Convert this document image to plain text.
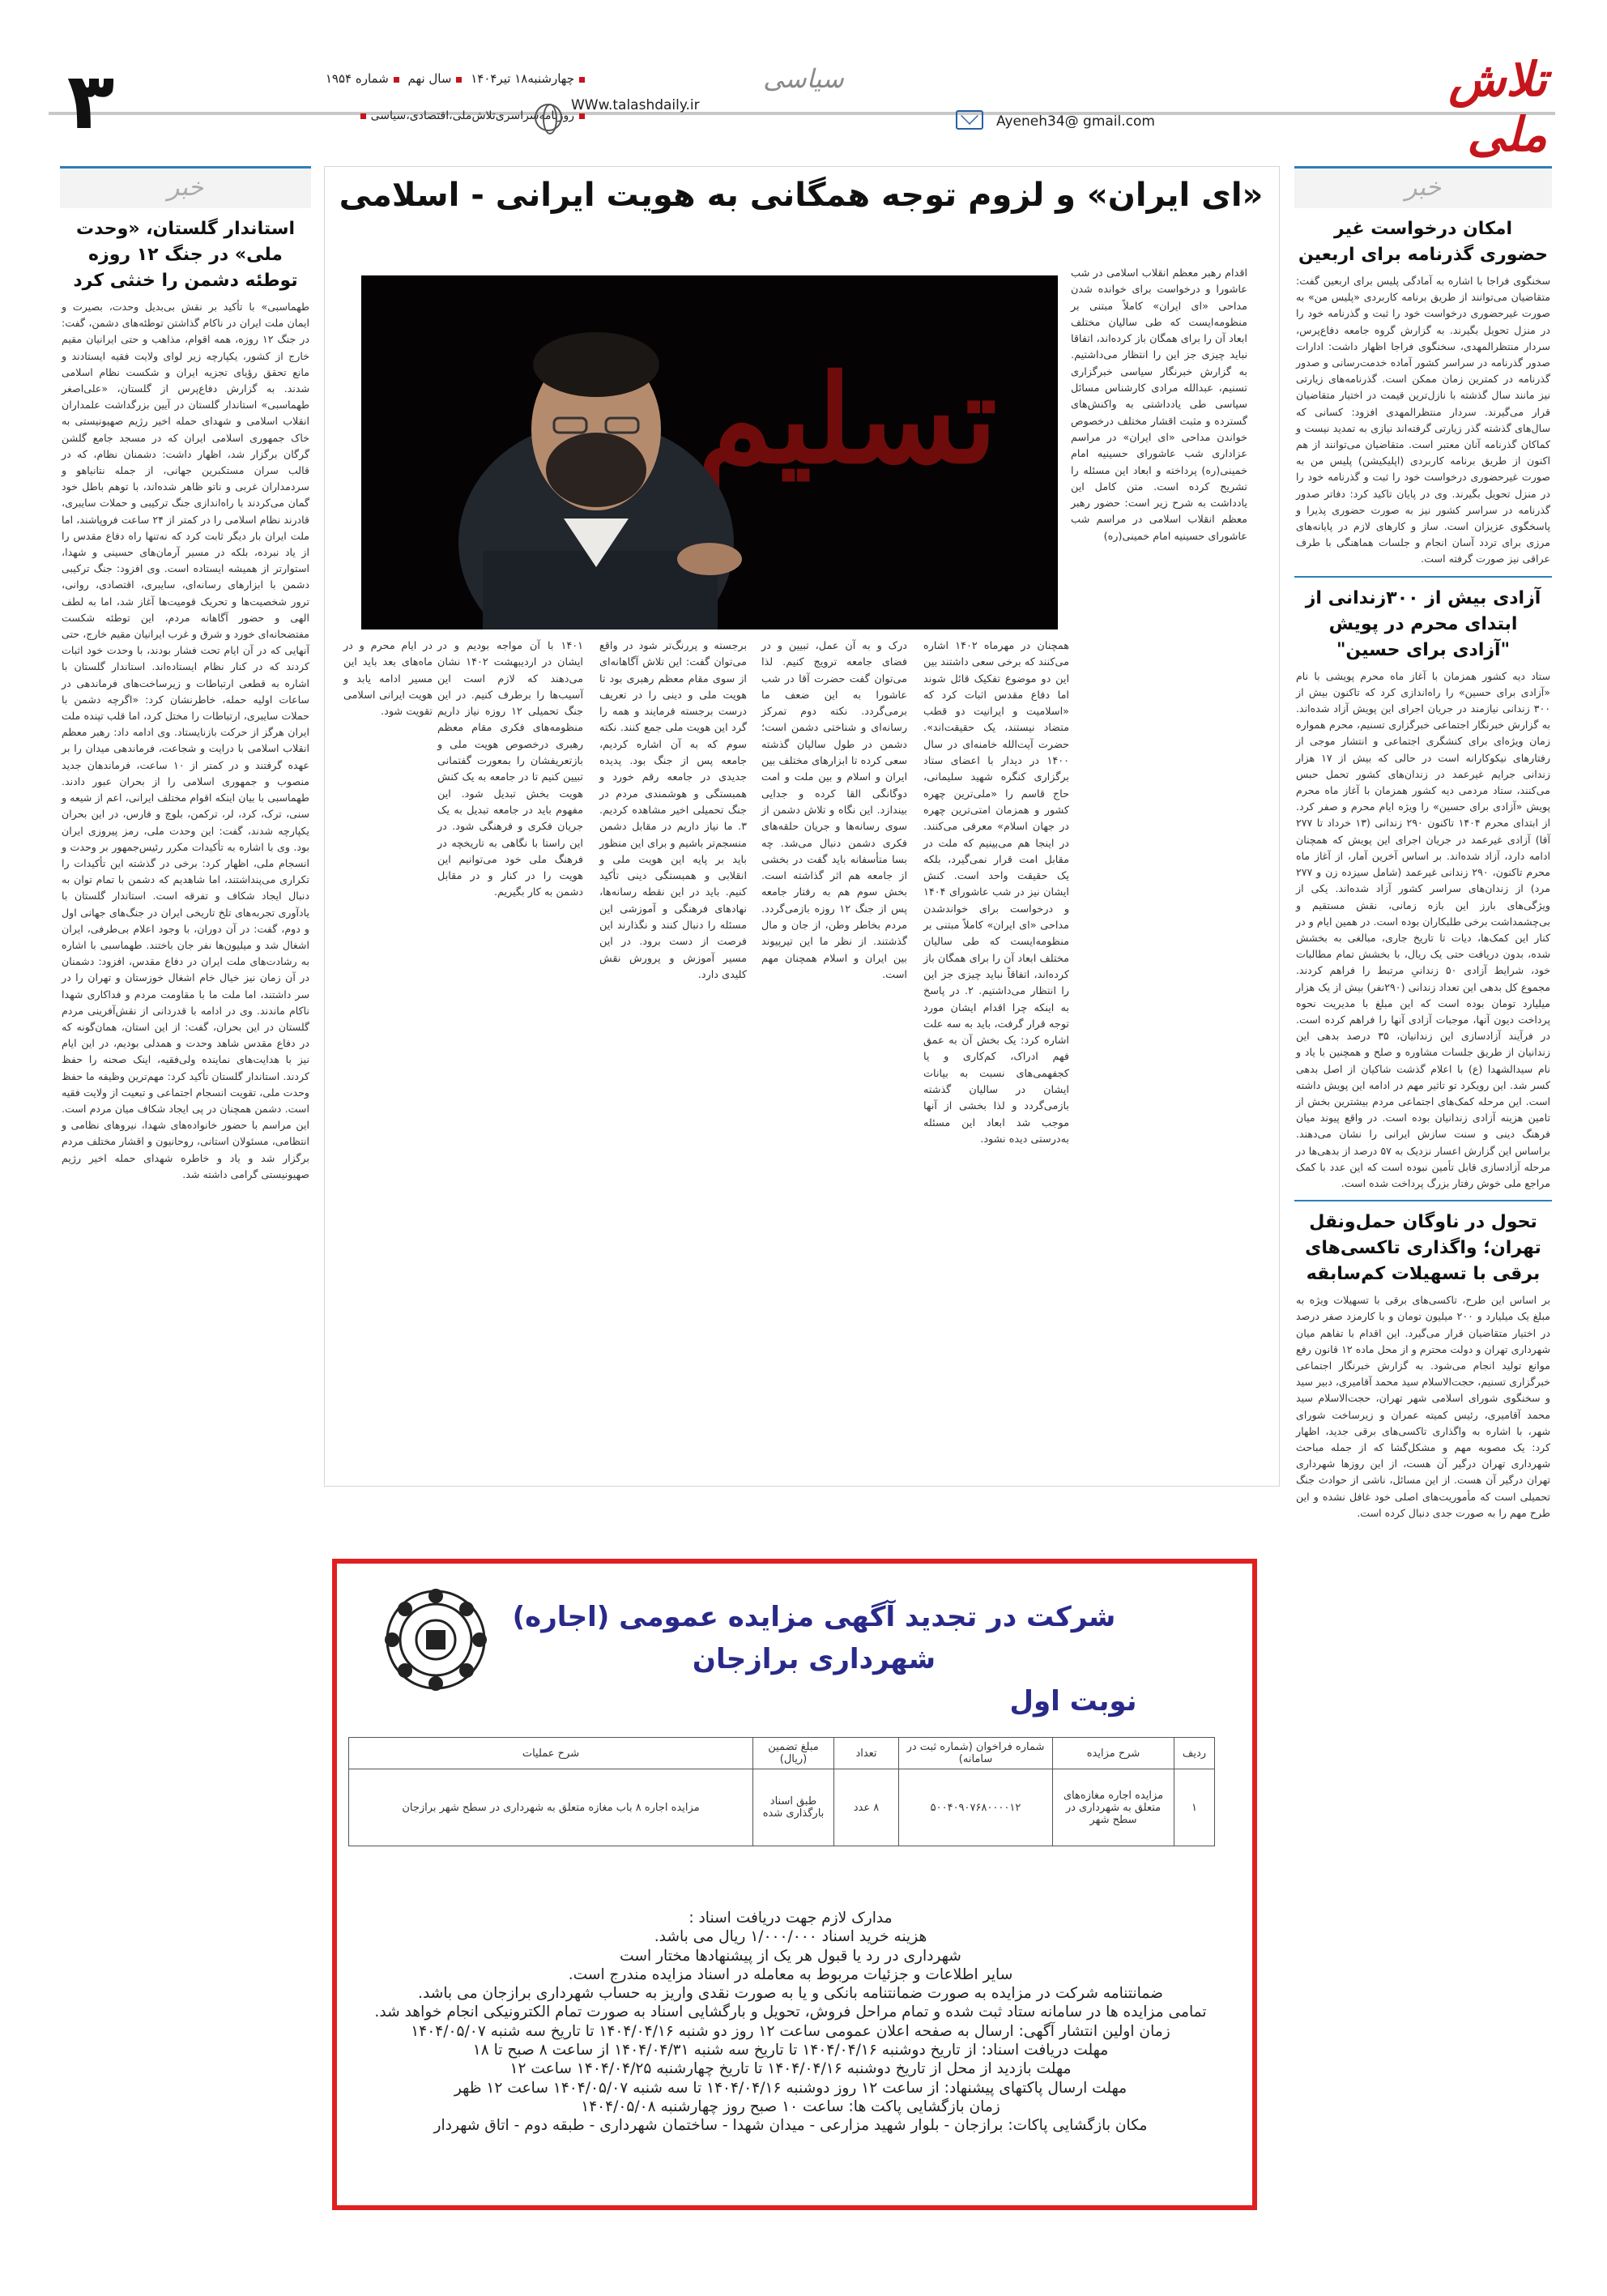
تلاش ملی
سیاسی
۳	چهارشنبه۱۸ تیر۱۴۰۴ سال نهم شماره ۱۹۵۴
روزنامه‌سراسری‌تلاش‌ملی،اقتصادی،سیاسی
WWw.talashdaily.ir
Ayeneh34@ gmail.com
خبر
استاندار گلستان، «وحدت ملی» در جنگ ۱۲ روزه توطئه دشمن را خنثی کرد
طهماسبی» با تأکید بر نقش بی‌بدیل وحدت، بصیرت و ایمان ملت ایران در ناکام گذاشتن توطئه‌های دشمن، گفت: در جنگ ۱۲ روزه، همه اقوام، مذاهب و حتی ایرانیان مقیم خارج از کشور، یکپارچه زیر لوای ولایت فقیه ایستادند و مانع تحقق رؤیای تجزیه ایران و شکست نظام اسلامی شدند. به گزارش دفاع‌پرس از گلستان، «علی‌اصغر طهماسبی» استاندار گلستان در آیین بزرگداشت علمداران انقلاب اسلامی و شهدای حمله اخیر رژیم صهیونیستی به خاک جمهوری اسلامی ایران که در مسجد جامع گلشن گرگان برگزار شد، اظهار داشت: دشمنان نظام، که در قالب سران مستکبرین جهانی، از جمله نتانیاهو و سردمداران غربی و ناتو ظاهر شده‌اند، با توهم باطل خود گمان می‌کردند با راه‌اندازی جنگ ترکیبی و حملات سایبری، قادرند نظام اسلامی را در کمتر از ۲۴ ساعت فروپاشند، اما ملت ایران بار دیگر ثابت کرد که نه‌تنها راه دفاع مقدس را از یاد نبرده، بلکه در مسیر آرمان‌های حسینی و شهدا، استوارتر از همیشه ایستاده است. وی افزود: جنگ ترکیبی دشمن با ابزارهای رسانه‌ای، سایبری، اقتصادی، روانی، ترور شخصیت‌ها و تحریک قومیت‌ها آغاز شد، اما به لطف الهی و حضور آگاهانه مردم، این توطئه شکست مفتضحانه‌ای خورد و شرق و غرب ایرانیان مقیم خارج، حتی آنهایی که در آن ایام تحت فشار بودند، با وحدت خود اثبات کردند که در کنار نظام ایستاده‌اند. استاندار گلستان با اشاره به قطعی ارتباطات و زیرساخت‌های فرماندهی در ساعات اولیه حمله، خاطرنشان کرد: «اگرچه دشمن با حملات سایبری، ارتباطات را مختل کرد، اما قلب تپنده ملت ایران هرگز از حرکت بازنایستاد. وی ادامه داد: رهبر معظم انقلاب اسلامی با درایت و شجاعت، فرماندهی میدان را بر عهده گرفتند و در کمتر از ۱۰ ساعت، فرماندهان جدید منصوب و جمهوری اسلامی را از بحران عبور دادند. طهماسبی با بیان اینکه اقوام مختلف ایرانی، اعم از شیعه و سنی، ترک، کرد، لر، ترکمن، بلوچ و فارس، در این بحران یکپارچه شدند، گفت: این وحدت ملی، رمز پیروزی ایران بود. وی با اشاره به تأکیدات مکرر رئیس‌جمهور بر وحدت و انسجام ملی، اظهار کرد: برخی در گذشته این تأکیدات را تکراری می‌پنداشتند، اما شاهدیم که دشمن با تمام توان به دنبال ایجاد شکاف و تفرقه است. استاندار گلستان با یادآوری تجربه‌های تلخ تاریخی ایران در جنگ‌های جهانی اول و دوم، گفت: در آن دوران، با وجود اعلام بی‌طرفی، ایران اشغال شد و میلیون‌ها نفر جان باختند. طهماسبی با اشاره به رشادت‌های ملت ایران در دفاع مقدس، افزود: دشمنان در آن زمان نیز خیال خام اشغال خوزستان و تهران را در سر داشتند، اما ملت ما با مقاومت مردم و فداکاری شهدا ناکام ماندند. وی در ادامه با قدردانی از نقش‌آفرینی مردم گلستان در این بحران، گفت: از این استان، همان‌گونه که در دفاع مقدس شاهد وحدت و همدلی بودیم، در این ایام نیز با هدایت‌های نماینده ولی‌فقیه، اینک صحنه را حفظ کردند. استاندار گلستان تأکید کرد: مهم‌ترین وظیفه ما حفظ وحدت ملی، تقویت انسجام اجتماعی و تبعیت از ولایت فقیه است. دشمن همچنان در پی ایجاد شکاف میان مردم است. این مراسم با حضور خانواده‌های شهدا، نیروهای نظامی و انتظامی، مسئولان استانی، روحانیون و اقشار مختلف مردم برگزار شد و یاد و خاطره شهدای حمله اخیر رژیم صهیونیستی گرامی داشته شد.
خبر
امکان درخواست غیر حضوری گذرنامه برای اربعین
سخنگوی فراجا با اشاره به آمادگی پلیس برای اربعین گفت: متقاضیان می‌توانند از طریق برنامه کاربردی «پلیس من» به صورت غیرحضوری درخواست خود را ثبت و گذرنامه خود را در منزل تحویل بگیرند. به گزارش گروه جامعه دفاع‌پرس، سردار منتظرالمهدی، سخنگوی فراجا اظهار داشت: ادارات صدور گذرنامه در سراسر کشور آماده خدمت‌رسانی و صدور گذرنامه در کمترین زمان ممکن است. گذرنامه‌های زیارتی نیز مانند سال گذشته با نازل‌ترین قیمت در اختیار متقاضیان قرار می‌گیرند. سردار منتظرالمهدی افزود: کسانی که سال‌های گذشته گذر زیارتی گرفته‌اند نیازی به تمدید نیست و کماکان گذرنامه آنان معتبر است. متقاضیان می‌توانند از هم اکنون از طریق برنامه کاربردی (اپلیکیشن) پلیس من به صورت غیرحضوری درخواست خود را ثبت و گذرنامه خود را در منزل تحویل بگیرند. وی در پایان تاکید کرد: دفاتر صدور گذرنامه در سراسر کشور نیز به صورت حضوری پذیرا و پاسخگوی عزیزان است. ساز و کارهای لازم در پایانه‌های مرزی برای تردد آسان انجام و جلسات هماهنگی با طرف عراقی نیز صورت گرفته است.
آزادی بیش از ۳۰۰زندانی از ابتدای محرم در پویش "آزادی برای حسین"
ستاد دیه کشور همزمان با آغاز ماه محرم پویشی با نام «آزادی برای حسین» را راه‌اندازی کرد که تاکنون بیش از ۳۰۰ زندانی نیازمند در جریان اجرای این پویش آزاد شده‌اند. به گزارش خبرنگار اجتماعی خبرگزاری تسنیم، محرم همواره زمان ویژه‌ای برای کنشگری اجتماعی و انتشار موجی از رفتارهای نیکوکارانه است در حالی که بیش از ۱۷ هزار زندانی جرایم غیرعمد در زندان‌های کشور تحمل حبس می‌کنند، ستاد مردمی دیه کشور همزمان با آغاز ماه محرم پویش «آزادی برای حسین» را ویژه ایام محرم و صفر کرد. از ابتدای محرم ۱۴۰۴ تاکنون ۲۹۰ زندانی (۱۳ خرداد تا ۲۷۷ آقا) آزادی غیرعمد در جریان اجرای این پویش که همچنان ادامه دارد، آزاد شده‌اند. بر اساس آخرین آمار، از آغاز ماه محرم تاکنون، ۲۹۰ زندانی غیرعمد (شامل سیزده زن و ۲۷۷ مرد) از زندان‌های سراسر کشور آزاد شده‌اند. یکی از ویژگی‌های بارز این بازه زمانی، نقش مستقیم و بی‌چشمداشت برخی طلبکاران بوده است. در همین ایام و در کنار این کمک‌ها، دیات تا تاریخ جاری، مبالغی به بخشش شده، بدون دریافت حتی یک ریال، با بخشش تمام مطالبات خود، شرایط آزادی ۵۰ زندانیِ مرتبط را فراهم کردند. مجموع کل بدهی این تعداد زندانی (۲۹۰نفر) بیش از یک هزار میلیارد تومان بوده است که این مبلغ با مدیریت نحوه پرداخت دیون آنها، موجبات آزادی آنها را فراهم کرده است. در فرآیند آزادسازی این زندانیان، ۳۵ درصد بدهی این زندانیان از طریق جلسات مشاوره و صلح و همچنین با یاد و نام سیدالشهدا (ع) با اعلام گذشت شاکیان از اصل بدهی کسر شد. این رویکرد تو تاثیر مهم در ادامه این پویش داشته است. این مرحله کمک‌های اجتماعی مردم بیشترین بخش از تامین هزینه آزادی زندانیان بوده است. در واقع پیوند میان فرهنگ دینی و سنت سازش ایرانی را نشان می‌دهند. براساس این گزارش اعسار نزدیک به ۵۷ درصد از بدهی‌ها در مرحله آزادسازی قابل تأمین نبوده است که این عدد با کمک مراجع ملی خوش رفتار بزرگ پرداخت شده است.
تحول در ناوگان حمل‌ونقل تهران؛ واگذاری تاکسی‌های برقی با تسهیلات کم‌سابقه
بر اساس این طرح، تاکسی‌های برقی با تسهیلات ویژه به مبلغ یک میلیارد و ۲۰۰ میلیون تومان و با کارمزد صفر درصد در اختیار متقاضیان قرار می‌گیرد. این اقدام با تفاهم میان شهرداری تهران و دولت محترم و از محل ماده ۱۲ قانون رفع موانع تولید انجام می‌شود. به گزارش خبرنگار اجتماعی خبرگزاری تسنیم، حجت‌الاسلام سید محمد آقامیری، دبیر سید و سخنگوی شورای اسلامی شهر تهران، حجت‌الاسلام سید محمد آقامیری، رئیس کمیته عمران و زیرساخت شورای شهر، با اشاره به واگذاری تاکسی‌های برقی جدید، اظهار کرد: یک مصوبه مهم و مشکل‌گشا که از جمله مباحث شهرداری تهران درگیر آن هست، از این روزها شهرداری تهران درگیر آن هست. از این مسائل، ناشی از حوادث جنگ تحمیلی است که مأموریت‌های اصلی خود غافل نشده و این طرح مهم را به صورت جدی دنبال کرده است.
«ای ایران» و لزوم توجه همگانی به هویت ایرانی - اسلامی
تسلیم
اقدام رهبر معظم انقلاب اسلامی در شب عاشورا و درخواست برای خوانده شدن مداحی «ای ایران» کاملاً مبتنی بر منظومه‌ایست که طی سالیان مختلف ابعاد آن را برای همگان باز کرده‌اند، اتفاقا نباید چیزی جز این را انتظار می‌داشتیم. به گزارش خبرنگار سیاسی خبرگزاری تسنیم، عبدالله مرادی کارشناس مسائل سیاسی طی یادداشتی به واکنش‌های گسترده و مثبت اقشار مختلف درخصوص خواندن مداحی «ای ایران» در مراسم عزاداری شب عاشورای حسینیه امام خمینی(ره) پرداخته و ابعاد این مسئله را تشریح کرده است. متن کامل این یادداشت به شرح زیر است: حضور رهبر معظم انقلاب اسلامی در مراسم شب عاشورای حسینیه امام خمینی(ره)
همچنان در مهرماه ۱۴۰۲ اشاره می‌کنند که برخی سعی داشتند بین این دو موضوع تفکیک قائل شوند اما دفاع مقدس اثبات کرد که «اسلامیت و ایرانیت دو قطب متضاد نیستند، یک حقیقت‌اند». حضرت آیت‌الله خامنه‌ای در سال ۱۴۰۰ در دیدار با اعضای ستاد برگزاری کنگره شهید سلیمانی، حاج قاسم را «ملی‌ترین چهره کشور و همزمان امتی‌ترین چهره در جهان اسلام» معرفی می‌کنند. در اینجا هم می‌بینیم که ملت در مقابل امت قرار نمی‌گیرد، بلکه یک حقیقت واحد است. کنش ایشان نیز در شب عاشورای ۱۴۰۴ و درخواست برای خواندشدن مداحی «ای ایران» کاملاً مبتنی بر منظومه‌ایست که طی سالیان مختلف ابعاد آن را برای همگان باز کرده‌اند، اتفاقاً نباید چیزی جز این را انتظار می‌داشتیم. ۲. در پاسخ به اینکه چرا اقدام ایشان مورد توجه قرار گرفت، باید به سه علت اشاره کرد: یک بخش آن به عمق فهم ادراک، کم‌کاری و یا کجفهمی‌های نسبت به بیانات ایشان در سالیان گذشته بازمی‌گردد و لذا بخشی از آنها موجب شد ابعاد این مسئله به‌درستی دیده نشود.
درک و به آن عمل، تبیین و در فضای جامعه ترویج کنیم. لذا می‌توان گفت حضرت آقا در شب عاشورا به این ضعف ما برمی‌گردد. نکته دوم تمرکز رسانه‌ای و شناختی دشمن است؛ دشمن در طول سالیان گذشته سعی کرده تا ابزارهای مختلف بین ایران و اسلام و بین ملت و امت دوگانگی القا کرده و جدایی بیندازد. این نگاه و تلاش دشمن از سوی رسانه‌ها و جریان حلقه‌های فکری دشمن دنبال می‌شد. چه بسا متأسفانه باید گفت در بخشی از جامعه هم اثر گذاشته است. بخش سوم هم به رفتار جامعه پس از جنگ ۱۲ روزه بازمی‌گردد. مردم بخاطر وطن، از جان و مال گذشتند. از نظر ما این تیرپیوند بین ایران و اسلام همچنان مهم است.
برجسته و پررنگ‌تر شود در واقع می‌توان گفت: این تلاش آگاهانه‌ای از سوی مقام معظم رهبری بود تا هویت ملی و دینی را در تعریف درست برجسته فرمایند و همه را گرد این هویت ملی جمع کنند. نکته سوم که به آن اشاره کردیم، جامعه پس از جنگ بود. پدیده جدیدی در جامعه رقم خورد و همبستگی و هوشمندی مردم در جنگ تحمیلی اخیر مشاهده کردیم. ۳. ما نیاز داریم در مقابل دشمن منسجم‌تر باشیم و برای این منظور باید بر پایه این هویت ملی و انقلابی و همبستگی دینی تأکید کنیم. باید در این نقطه رسانه‌ها، نهادهای فرهنگی و آموزشی این مسئله را دنبال کنند و نگذارند این فرصت از دست برود. در این مسیر آموزش و پرورش نقش کلیدی دارد.
۱۴۰۱ با آن مواجه بودیم و در ایشان در اردیبهشت ۱۴۰۲ نشان می‌دهند که لازم است این آسیب‌ها را برطرف کنیم. در این جنگ تحمیلی ۱۲ روزه نیاز داریم منظومه‌های فکری مقام معظم رهبری درخصوص هویت ملی و بازتعریفشان را بمعورت گفتمانی تبیین کنیم تا در جامعه به یک کنش هویت بخش تبدیل شود. این مفهوم باید در جامعه تبدیل به یک جریان فکری و فرهنگی شود. در این راستا با نگاهی به تاریخچه در فرهنگ ملی خود می‌توانیم این هویت را در کنار و در مقابل دشمن به کار بگیریم.
در ایام محرم و در ماه‌های بعد باید این مسیر ادامه یابد و هویت ایرانی اسلامی تقویت شود.
شرکت در تجدید آگهی مزایده عمومی (اجاره)
شهرداری برازجان
نوبت اول
ردیف	شرح مزایده	شماره فراخوان (شماره ثبت در سامانه)	تعداد	مبلغ تضمین (ریال)	شرح عملیات
۱	مزایده اجاره مغازه‌های متعلق به شهرداری در سطح شهر	۵۰۰۴۰۹۰۷۶۸۰۰۰۰۱۲	۸ عدد	طبق اسناد بارگذاری شده	مزایده اجاره ۸ باب مغازه متعلق به شهرداری در سطح شهر برازجان
مدارک لازم جهت دریافت اسناد :
هزینه خرید اسناد ۱/۰۰۰/۰۰۰ ریال می باشد.
شهرداری در رد یا قبول هر یک از پیشنهادها مختار است
سایر اطلاعات و جزئیات مربوط به معامله در اسناد مزایده مندرج است.
ضمانتنامه شرکت در مزایده به صورت ضمانتنامه بانکی و یا به صورت نقدی واریز به حساب شهرداری برازجان می باشد.
تمامی مزایده ها در سامانه ستاد ثبت شده و تمام مراحل فروش، تحویل و بارگشایی اسناد به صورت تمام الکترونیکی انجام خواهد شد.
زمان اولین انتشار آگهی: ارسال به صفحه اعلان عمومی ساعت ۱۲ روز دو شنبه ۱۴۰۴/۰۴/۱۶ تا تاریخ سه شنبه ۱۴۰۴/۰۵/۰۷
مهلت دریافت اسناد: از تاریخ دوشنبه ۱۴۰۴/۰۴/۱۶ تا تاریخ سه شنبه ۱۴۰۴/۰۴/۳۱ از ساعت ۸ صبح تا ۱۸
مهلت بازدید از محل از تاریخ دوشنبه ۱۴۰۴/۰۴/۱۶ تا تاریخ چهارشنبه ۱۴۰۴/۰۴/۲۵ ساعت ۱۲
مهلت ارسال پاکتهای پیشنهاد: از ساعت ۱۲ روز دوشنبه ۱۴۰۴/۰۴/۱۶ تا سه شنبه ۱۴۰۴/۰۵/۰۷ ساعت ۱۲ ظهر
زمان بازگشایی پاکت ها: ساعت ۱۰ صبح روز چهارشنبه ۱۴۰۴/۰۵/۰۸
مکان بازگشایی پاکات: برازجان - بلوار شهید مزارعی - میدان شهدا - ساختمان شهرداری - طبقه دوم - اتاق شهردار
